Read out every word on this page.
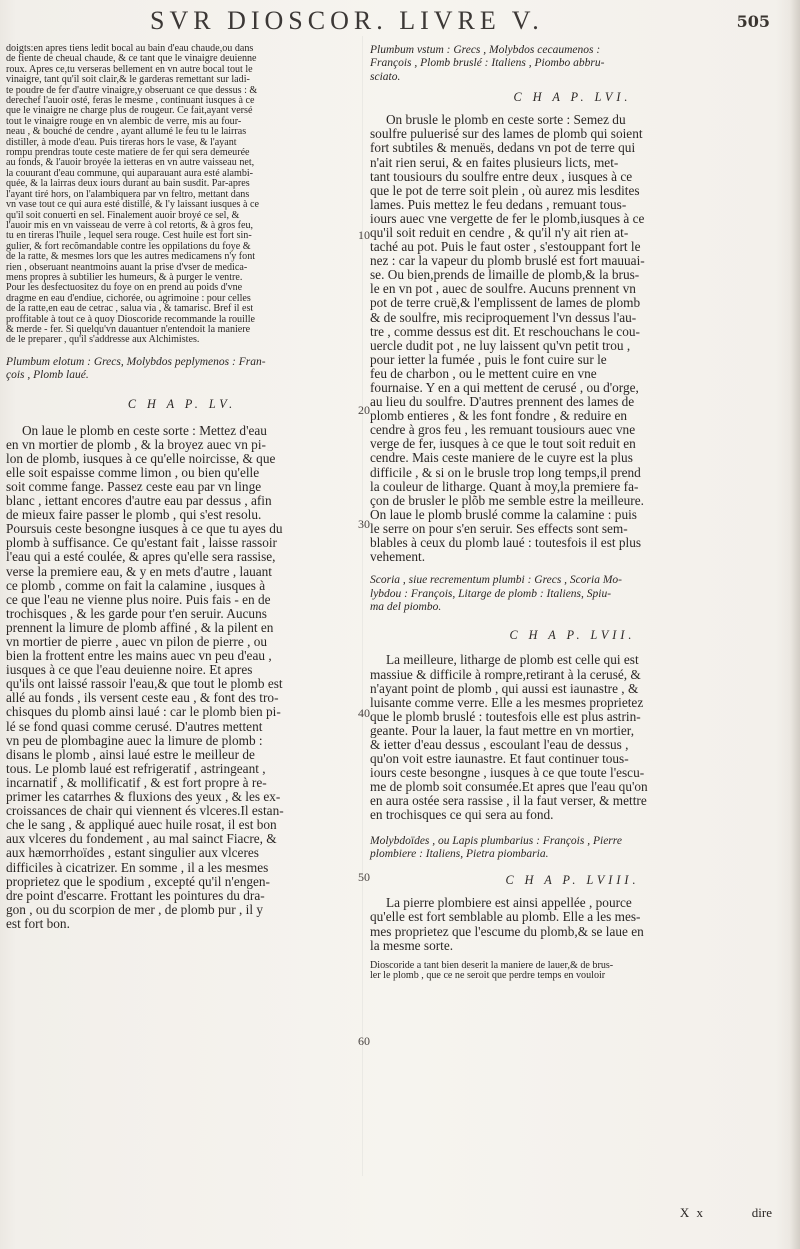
SVR DIOSCOR. LIVRE V.	505

doigts:en apres tiens ledit bocal au bain d'eau chaude,ou dans
de fiente de cheual chaude, & ce tant que le vinaigre deuienne
roux. Apres ce,tu verseras bellement en vn autre bocal tout le
vinaigre, tant qu'il soit clair,& le garderas remettant sur ladi-
te poudre de fer d'autre vinaigre,y obseruant ce que dessus : &
derechef l'auoir osté, feras le mesme , continuant iusques à ce
que le vinaigre ne charge plus de rougeur. Ce fait,ayant versé
tout le vinaigre rouge en vn alembic de verre, mis au four-
neau , & bouché de cendre , ayant allumé le feu tu le lairras
distiller, à mode d'eau. Puis tireras hors le vase, & l'ayant
rompu prendras toute ceste matiere de fer qui sera demeurée
au fonds, & l'auoir broyée la ietteras en vn autre vaisseau net,
la couurant d'eau commune, qui auparauant aura esté alambi-
quée, & la lairras deux iours durant au bain susdit. Par-apres
l'ayant tiré hors, on l'alambiquera par vn feltro, mettant dans
vn vase tout ce qui aura esté distillé, & l'y laissant iusques à ce
qu'il soit conuerti en sel. Finalement auoir broyé ce sel, &
l'auoir mis en vn vaisseau de verre à col retorts, & à gros feu,
tu en tireras l'huile , lequel sera rouge. Cest huile est fort sin-
gulier, & fort recõmandable contre les oppilations du foye &
de la ratte, & mesmes lors que les autres medicamens n'y font
rien , obseruant neantmoins auant la prise d'vser de medica-
mens propres à subtilier les humeurs, & à purger le ventre.
Pour les desfectuositez du foye on en prend au poids d'vne
dragme en eau d'endiue, cichorée, ou agrimoine : pour celles
de la ratte,en eau de cetrac , salua via , & tamarisc. Bref il est
proffitable à tout ce à quoy Dioscoride recommande la rouille
& merde - fer. Si quelqu'vn dauantuer n'entendoit la maniere
de le preparer , qu'il s'addresse aux Alchimistes.

Plumbum elotum : Grecs, Molybdos peplymenos : Fran-
çois , Plomb laué.

C H A P. LV.

On laue le plomb en ceste sorte : Mettez d'eau
en vn mortier de plomb , & la broyez auec vn pi-
lon de plomb, iusques à ce qu'elle noircisse, & que
elle soit espaisse comme limon , ou bien qu'elle
soit comme fange. Passez ceste eau par vn linge
blanc , iettant encores d'autre eau par dessus , afin
de mieux faire passer le plomb , qui s'est resolu.
Poursuis ceste besongne iusques à ce que tu ayes du
plomb à suffisance. Ce qu'estant fait , laisse rassoir
l'eau qui a esté coulée, & apres qu'elle sera rassise,
verse la premiere eau, & y en mets d'autre , lauant
ce plomb , comme on fait la calamine , iusques à
ce que l'eau ne vienne plus noire. Puis fais - en de
trochisques , & les garde pour t'en seruir. Aucuns
prennent la limure de plomb affiné , & la pilent en
vn mortier de pierre , auec vn pilon de pierre , ou
bien la frottent entre les mains auec vn peu d'eau ,
iusques à ce que l'eau deuienne noire. Et apres
qu'ils ont laissé rassoir l'eau,& que tout le plomb est
allé au fonds , ils versent ceste eau , & font des tro-
chisques du plomb ainsi laué : car le plomb bien pi-
lé se fond quasi comme cerusé. D'autres mettent
vn peu de plombagine auec la limure de plomb :
disans le plomb , ainsi laué estre le meilleur de
tous. Le plomb laué est refrigeratif , astringeant ,
incarnatif , & mollificatif , & est fort propre à re-
primer les catarrhes & fluxions des yeux , & les ex-
croissances de chair qui viennent és vlceres.Il estan-
che le sang , & appliqué auec huile rosat, il est bon
aux vlceres du fondement , au mal sainct Fiacre, &
aux hæmorrhoïdes , estant singulier aux vlceres
difficiles à cicatrizer. En somme , il a les mesmes
proprietez que le spodium , excepté qu'il n'engen-
dre point d'escarre. Frottant les pointures du dra-
gon , ou du scorpion de mer , de plomb pur , il y
est fort bon.

Plumbum vstum : Grecs , Molybdos cecaumenos :
François , Plomb bruslé : Italiens , Piombo abbru-
sciato.

C H A P. LVI.

On brusle le plomb en ceste sorte : Semez du
soulfre puluerisé sur des lames de plomb qui soient
fort subtiles & menuës, dedans vn pot de terre qui
n'ait rien serui, & en faites plusieurs licts, met-
tant tousiours du soulfre entre deux , iusques à ce
que le pot de terre soit plein , où aurez mis lesdites
lames. Puis mettez le feu dedans , remuant tous-
iours auec vne vergette de fer le plomb,iusques à ce
qu'il soit reduit en cendre , & qu'il n'y ait rien at-
taché au pot. Puis le faut oster , s'estouppant fort le
nez : car la vapeur du plomb bruslé est fort mauuai-
se. Ou bien,prends de limaille de plomb,& la brus-
le en vn pot , auec de soulfre. Aucuns prennent vn
pot de terre cruë,& l'emplissent de lames de plomb
& de soulfre, mis reciproquement l'vn dessus l'au-
tre , comme dessus est dit. Et reschouchans le cou-
uercle dudit pot , ne luy laissent qu'vn petit trou ,
pour ietter la fumée , puis le font cuire sur le
feu de charbon , ou le mettent cuire en vne
fournaise. Y en a qui mettent de cerusé , ou d'orge,
au lieu du soulfre. D'autres prennent des lames de
plomb entieres , & les font fondre , & reduire en
cendre à gros feu , les remuant tousiours auec vne
verge de fer, iusques à ce que le tout soit reduit en
cendre. Mais ceste maniere de le cuyre est la plus
difficile , & si on le brusle trop long temps,il prend
la couleur de litharge. Quant à moy,la premiere fa-
çon de brusler le plõb me semble estre la meilleure.
On laue le plomb bruslé comme la calamine : puis
le serre on pour s'en seruir. Ses effects sont sem-
blables à ceux du plomb laué : toutesfois il est plus
vehement.

Scoria , siue recrementum plumbi : Grecs , Scoria Mo-
lybdou : François, Litarge de plomb : Italiens, Spiu-
ma del piombo.

C H A P. LVII.

La meilleure, litharge de plomb est celle qui est
massiue & difficile à rompre,retirant à la cerusé, &
n'ayant point de plomb , qui aussi est iaunastre , &
luisante comme verre. Elle a les mesmes proprietez
que le plomb bruslé : toutesfois elle est plus astrin-
geante. Pour la lauer, la faut mettre en vn mortier,
& ietter d'eau dessus , escoulant l'eau de dessus ,
qu'on voit estre iaunastre. Et faut continuer tous-
iours ceste besongne , iusques à ce que toute l'escu-
me de plomb soit consumée.Et apres que l'eau qu'on
en aura ostée sera rassise , il la faut verser, & mettre
en trochisques ce qui sera au fond.

Molybdoïdes , ou Lapis plumbarius : François , Pierre
plombiere : Italiens, Pietra piombaria.

C H A P. LVIII.

La pierre plombiere est ainsi appellée , pource
qu'elle est fort semblable au plomb. Elle a les mes-
mes proprietez que l'escume du plomb,& se laue en
la mesme sorte.

Dioscoride a tant bien deserit la maniere de lauer,& de brus-
ler le plomb , que ce ne seroit que perdre temps en vouloir

10
20
30
40
50
60
X x	dire
